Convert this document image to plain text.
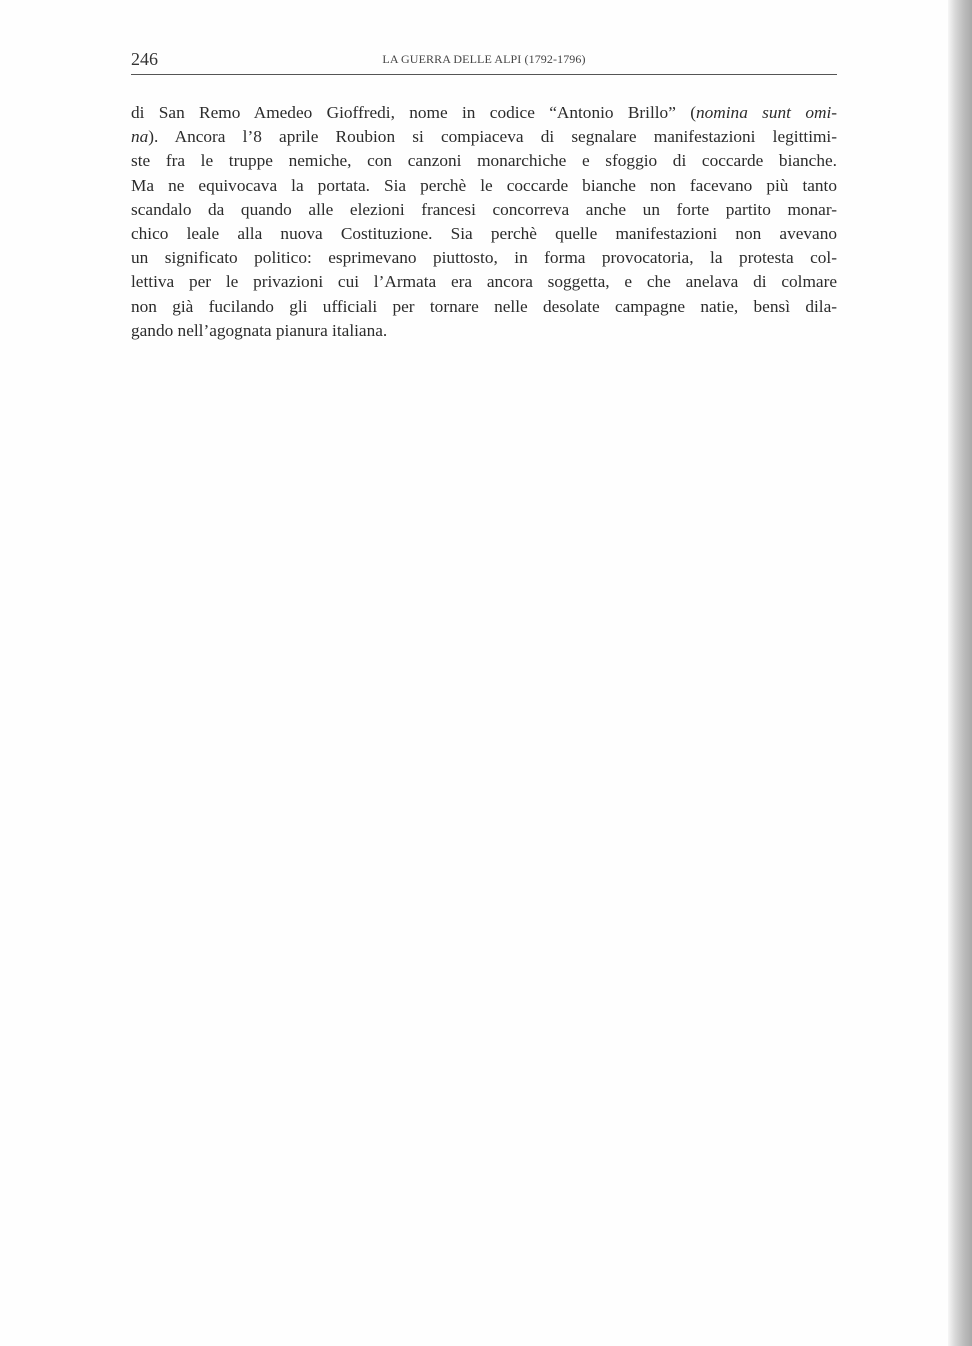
246	LA GUERRA DELLE ALPI (1792-1796)
di San Remo Amedeo Gioffredi, nome in codice “Antonio Brillo” (nomina sunt omi-
na). Ancora l’8 aprile Roubion si compiaceva di segnalare manifestazioni legittimi-
ste fra le truppe nemiche, con canzoni monarchiche e sfoggio di coccarde bianche.
Ma ne equivocava la portata. Sia perchè le coccarde bianche non facevano più tanto
scandalo da quando alle elezioni francesi concorreva anche un forte partito monar-
chico leale alla nuova Costituzione. Sia perchè quelle manifestazioni non avevano
un significato politico: esprimevano piuttosto, in forma provocatoria, la protesta col-
lettiva per le privazioni cui l’Armata era ancora soggetta, e che anelava di colmare
non già fucilando gli ufficiali per tornare nelle desolate campagne natie, bensì dila-
gando nell’agognata pianura italiana.
